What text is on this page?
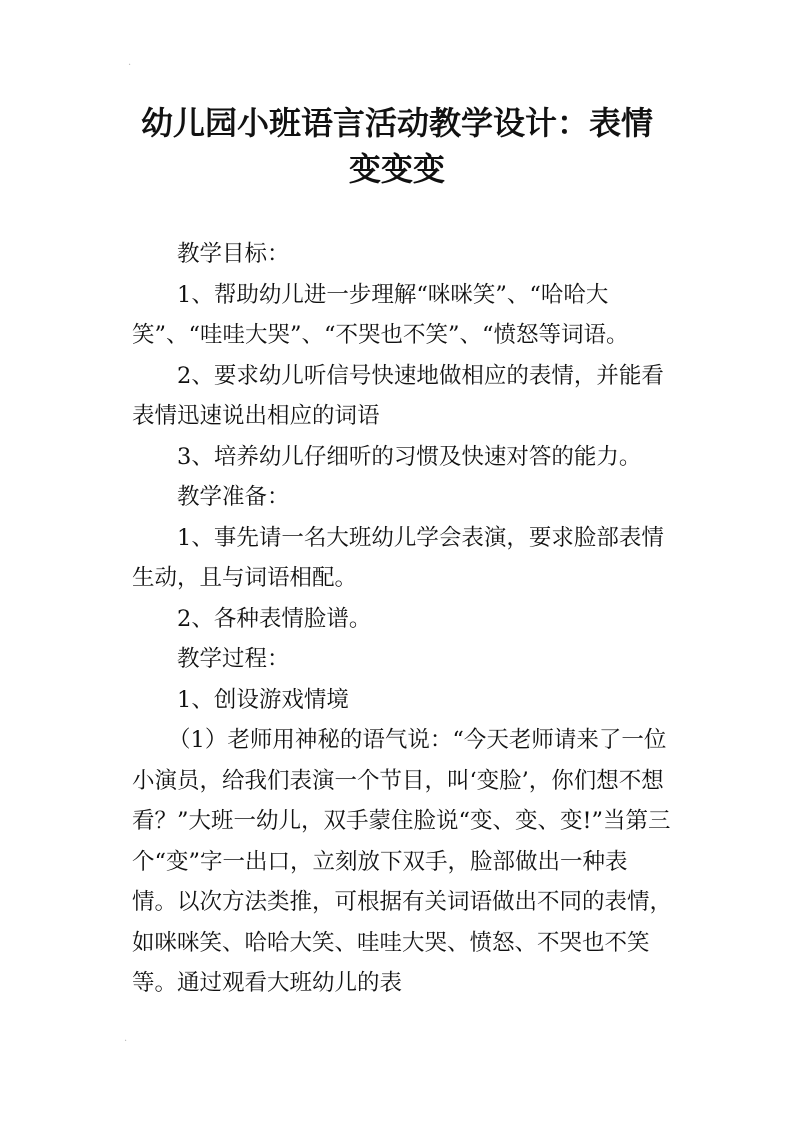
·
幼儿园小班语言活动教学设计：表情
变变变

教学目标：

1、帮助幼儿进一步理解“咪咪笑”、“哈哈大笑”、“哇哇大哭”、“不哭也不笑”、“愤怒等词语。

2、要求幼儿听信号快速地做相应的表情，并能看表情迅速说出相应的词语

3、培养幼儿仔细听的习惯及快速对答的能力。

教学准备：

1、事先请一名大班幼儿学会表演，要求脸部表情生动，且与词语相配。

2、各种表情脸谱。

教学过程：

1、创设游戏情境

（1）老师用神秘的语气说：“今天老师请来了一位小演员，给我们表演一个节目，叫‘变脸’，你们想不想看？”大班一幼儿，双手蒙住脸说“变、变、变!”当第三个“变”字一出口，立刻放下双手，脸部做出一种表情。以次方法类推，可根据有关词语做出不同的表情，如咪咪笑、哈哈大笑、哇哇大哭、愤怒、不哭也不笑等。通过观看大班幼儿的表

·
